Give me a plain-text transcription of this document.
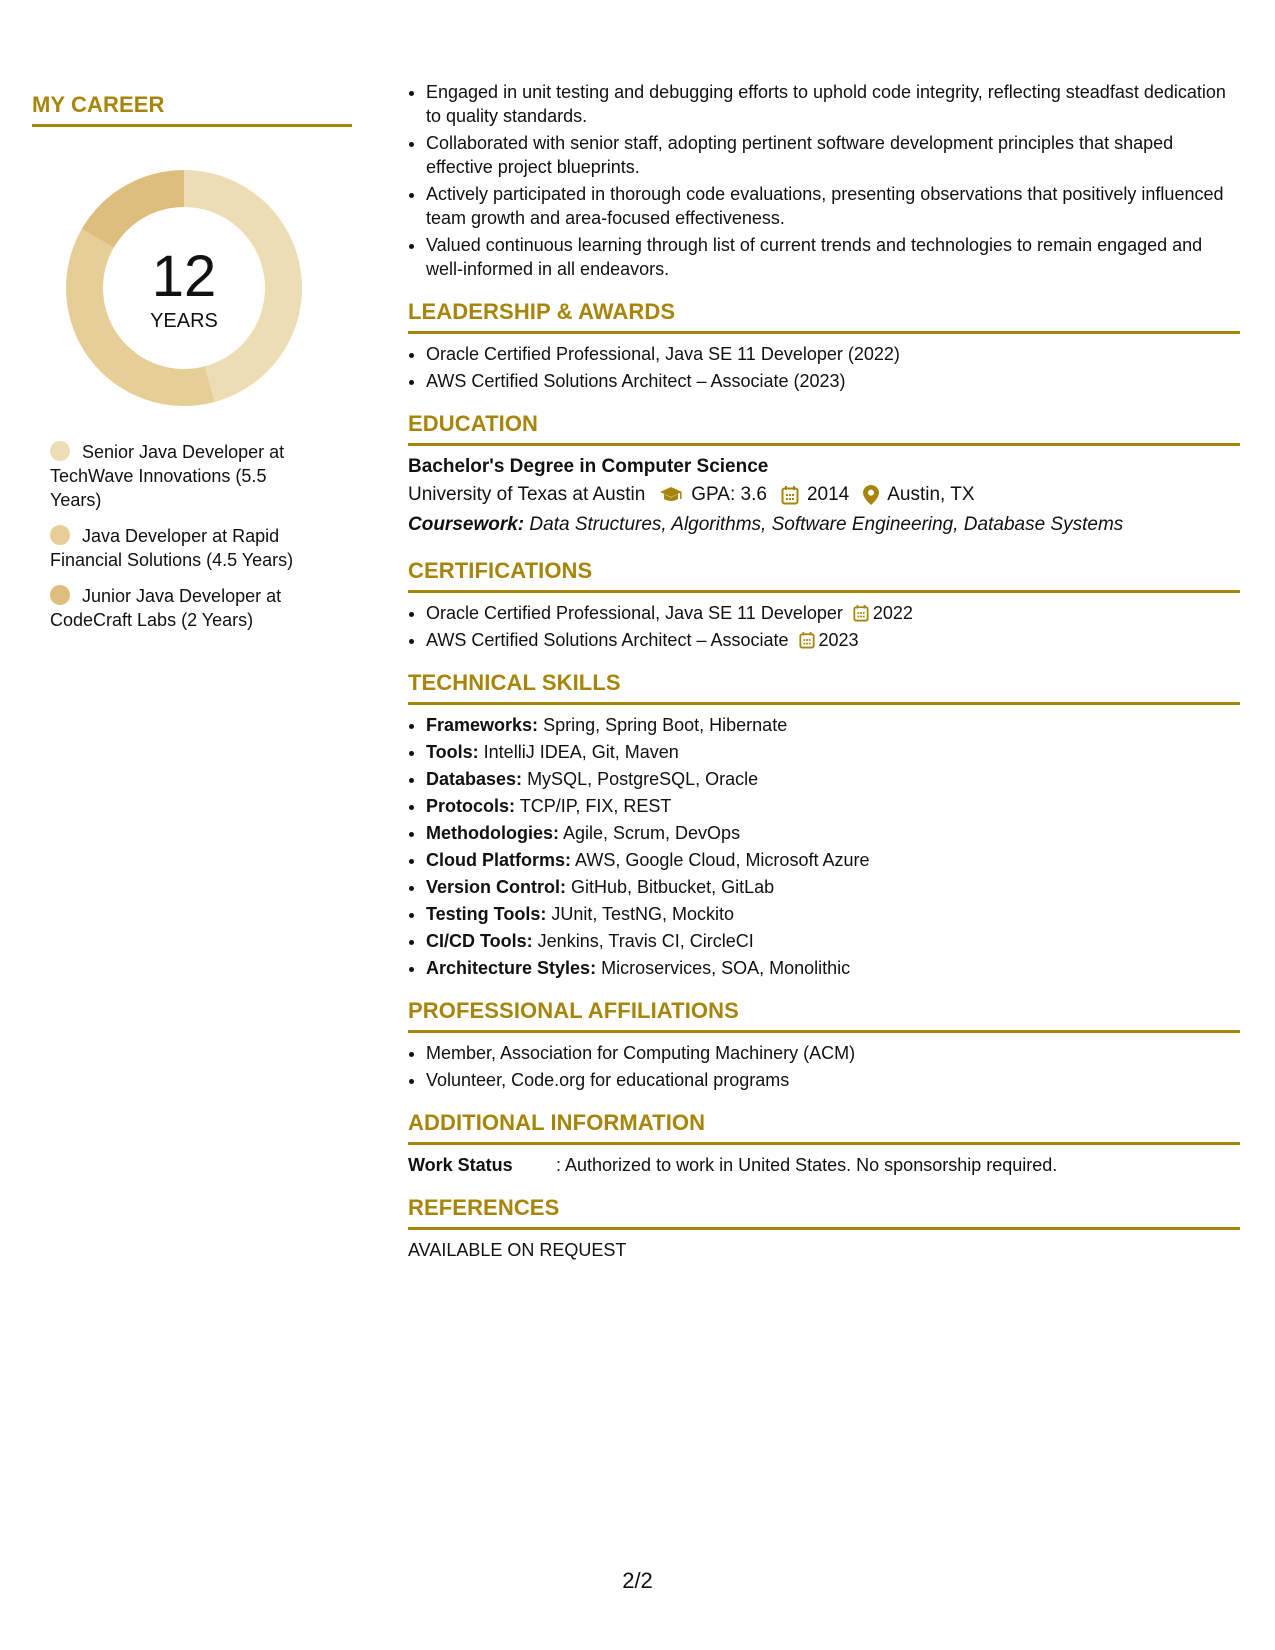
MY CAREER
12
YEARS
Senior Java Developer at TechWave Innovations (5.5 Years)
Java Developer at Rapid Financial Solutions (4.5 Years)
Junior Java Developer at CodeCraft Labs (2 Years)
• Engaged in unit testing and debugging efforts to uphold code integrity, reflecting steadfast dedication to quality standards.
• Collaborated with senior staff, adopting pertinent software development principles that shaped effective project blueprints.
• Actively participated in thorough code evaluations, presenting observations that positively influenced team growth and area-focused effectiveness.
• Valued continuous learning through list of current trends and technologies to remain engaged and well-informed in all endeavors.
LEADERSHIP & AWARDS
• Oracle Certified Professional, Java SE 11 Developer (2022)
• AWS Certified Solutions Architect – Associate (2023)
EDUCATION
Bachelor's Degree in Computer Science
University of Texas at Austin GPA: 3.6 2014 Austin, TX
Coursework: Data Structures, Algorithms, Software Engineering, Database Systems
CERTIFICATIONS
• Oracle Certified Professional, Java SE 11 Developer 2022
• AWS Certified Solutions Architect – Associate 2023
TECHNICAL SKILLS
• Frameworks: Spring, Spring Boot, Hibernate
• Tools: IntelliJ IDEA, Git, Maven
• Databases: MySQL, PostgreSQL, Oracle
• Protocols: TCP/IP, FIX, REST
• Methodologies: Agile, Scrum, DevOps
• Cloud Platforms: AWS, Google Cloud, Microsoft Azure
• Version Control: GitHub, Bitbucket, GitLab
• Testing Tools: JUnit, TestNG, Mockito
• CI/CD Tools: Jenkins, Travis CI, CircleCI
• Architecture Styles: Microservices, SOA, Monolithic
PROFESSIONAL AFFILIATIONS
• Member, Association for Computing Machinery (ACM)
• Volunteer, Code.org for educational programs
ADDITIONAL INFORMATION
Work Status	: Authorized to work in United States. No sponsorship required.
REFERENCES
AVAILABLE ON REQUEST
2/2
